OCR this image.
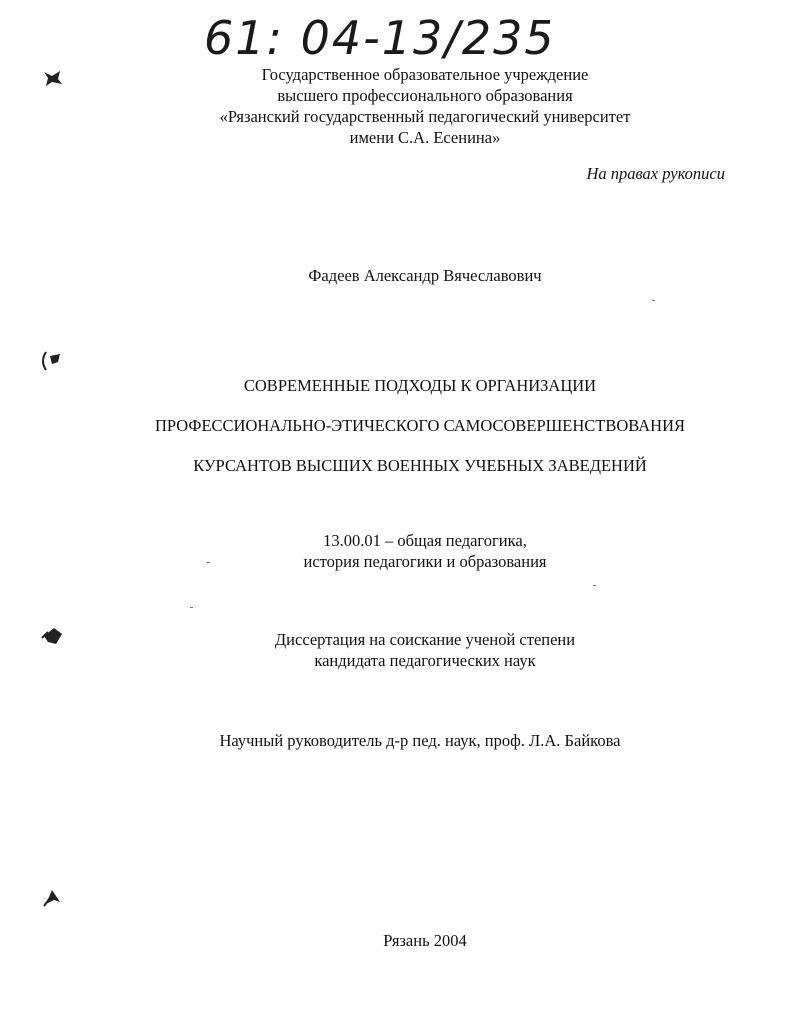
61: 04-13/2357
Государственное образовательное учреждение
высшего профессионального образования
«Рязанский государственный педагогический университет
имени С.А. Есенина»
На правах рукописи
Фадеев Александр Вячеславович
СОВРЕМЕННЫЕ ПОДХОДЫ К ОРГАНИЗАЦИИ
ПРОФЕССИОНАЛЬНО-ЭТИЧЕСКОГО САМОСОВЕРШЕНСТВОВАНИЯ
КУРСАНТОВ ВЫСШИХ ВОЕННЫХ УЧЕБНЫХ ЗАВЕДЕНИЙ
13.00.01 – общая педагогика,
история педагогики и образования
Диссертация на соискание ученой степени
кандидата педагогических наук
Научный руководитель д-р пед. наук, проф. Л.А. Байкова
Рязань 2004
